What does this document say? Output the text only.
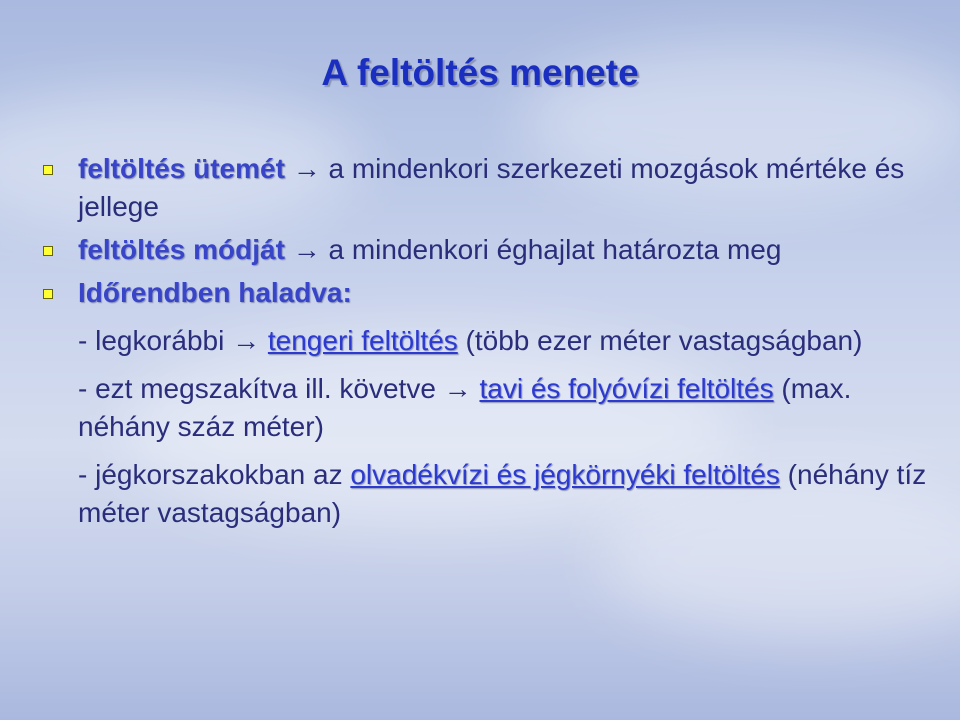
A feltöltés menete
feltöltés ütemét → a mindenkori szerkezeti mozgások mértéke és jellege
feltöltés módját → a mindenkori éghajlat határozta meg
Időrendben haladva:
- legkorábbi → tengeri feltöltés (több ezer méter vastagságban)
- ezt megszakítva ill. követve → tavi és folyóvízi feltöltés (max. néhány száz méter)
- jégkorszakokban az olvadékvízi és jégkörnyéki feltöltés (néhány tíz méter vastagságban)
